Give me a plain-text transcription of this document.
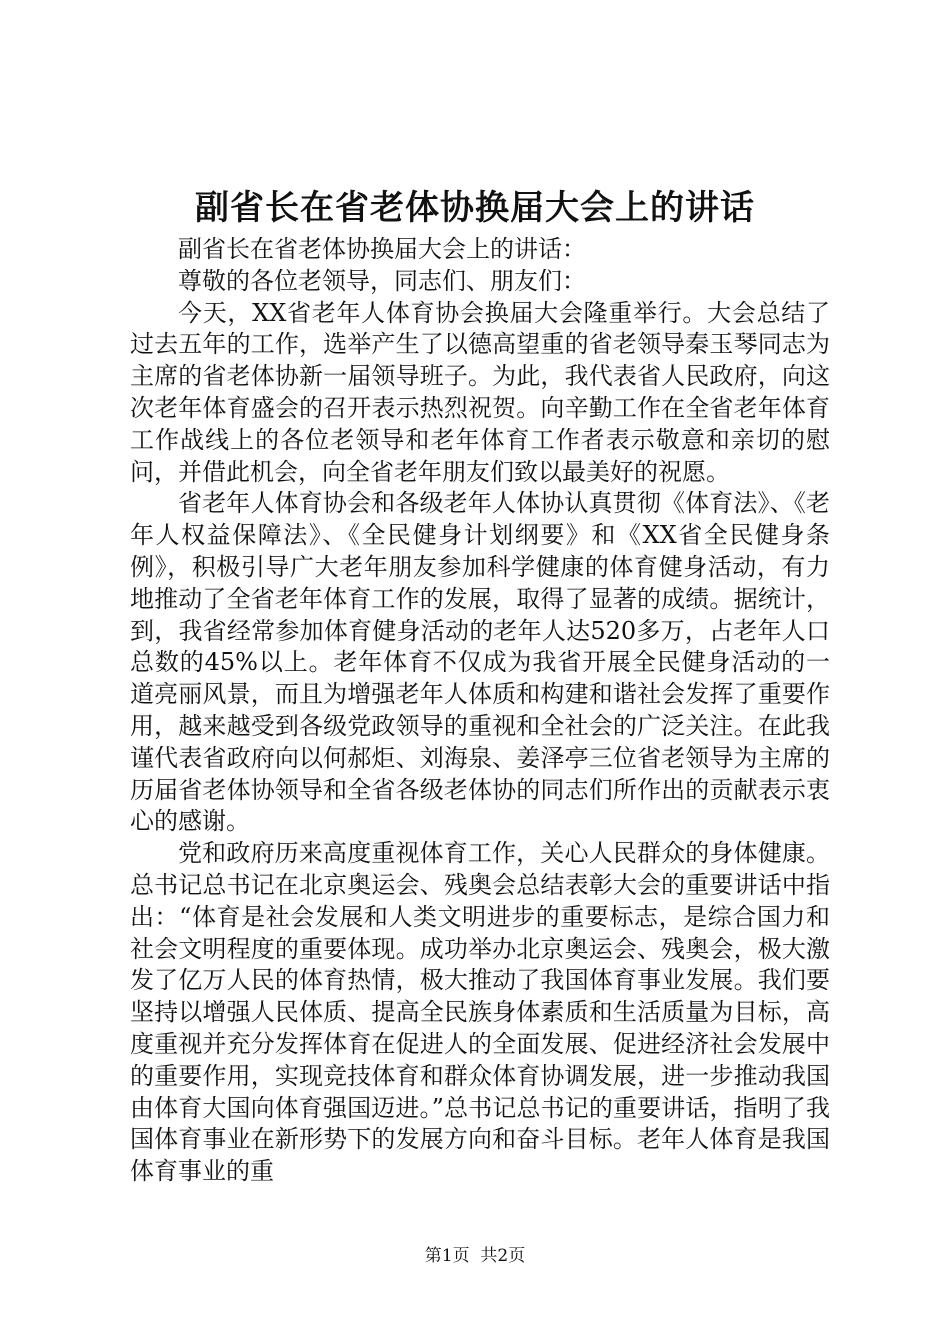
副省长在省老体协换届大会上的讲话

副省长在省老体协换届大会上的讲话：

尊敬的各位老领导，同志们、朋友们：

今天，XX省老年人体育协会换届大会隆重举行。大会总结了过去五年的工作，选举产生了以德高望重的省老领导秦玉琴同志为主席的省老体协新一届领导班子。为此，我代表省人民政府，向这次老年体育盛会的召开表示热烈祝贺。向辛勤工作在全省老年体育工作战线上的各位老领导和老年体育工作者表示敬意和亲切的慰问，并借此机会，向全省老年朋友们致以最美好的祝愿。

省老年人体育协会和各级老年人体协认真贯彻《体育法》、《老年人权益保障法》、《全民健身计划纲要》和《XX省全民健身条例》，积极引导广大老年朋友参加科学健康的体育健身活动，有力地推动了全省老年体育工作的发展，取得了显著的成绩。据统计，到，我省经常参加体育健身活动的老年人达520多万，占老年人口总数的45%以上。老年体育不仅成为我省开展全民健身活动的一道亮丽风景，而且为增强老年人体质和构建和谐社会发挥了重要作用，越来越受到各级党政领导的重视和全社会的广泛关注。在此我谨代表省政府向以何郝炬、刘海泉、姜泽亭三位省老领导为主席的历届省老体协领导和全省各级老体协的同志们所作出的贡献表示衷心的感谢。

党和政府历来高度重视体育工作，关心人民群众的身体健康。总书记总书记在北京奥运会、残奥会总结表彰大会的重要讲话中指出：“体育是社会发展和人类文明进步的重要标志，是综合国力和社会文明程度的重要体现。成功举办北京奥运会、残奥会，极大激发了亿万人民的体育热情，极大推动了我国体育事业发展。我们要坚持以增强人民体质、提高全民族身体素质和生活质量为目标，高度重视并充分发挥体育在促进人的全面发展、促进经济社会发展中的重要作用，实现竞技体育和群众体育协调发展，进一步推动我国由体育大国向体育强国迈进。”总书记总书记的重要讲话，指明了我国体育事业在新形势下的发展方向和奋斗目标。老年人体育是我国体育事业的重

第1页  共2页
